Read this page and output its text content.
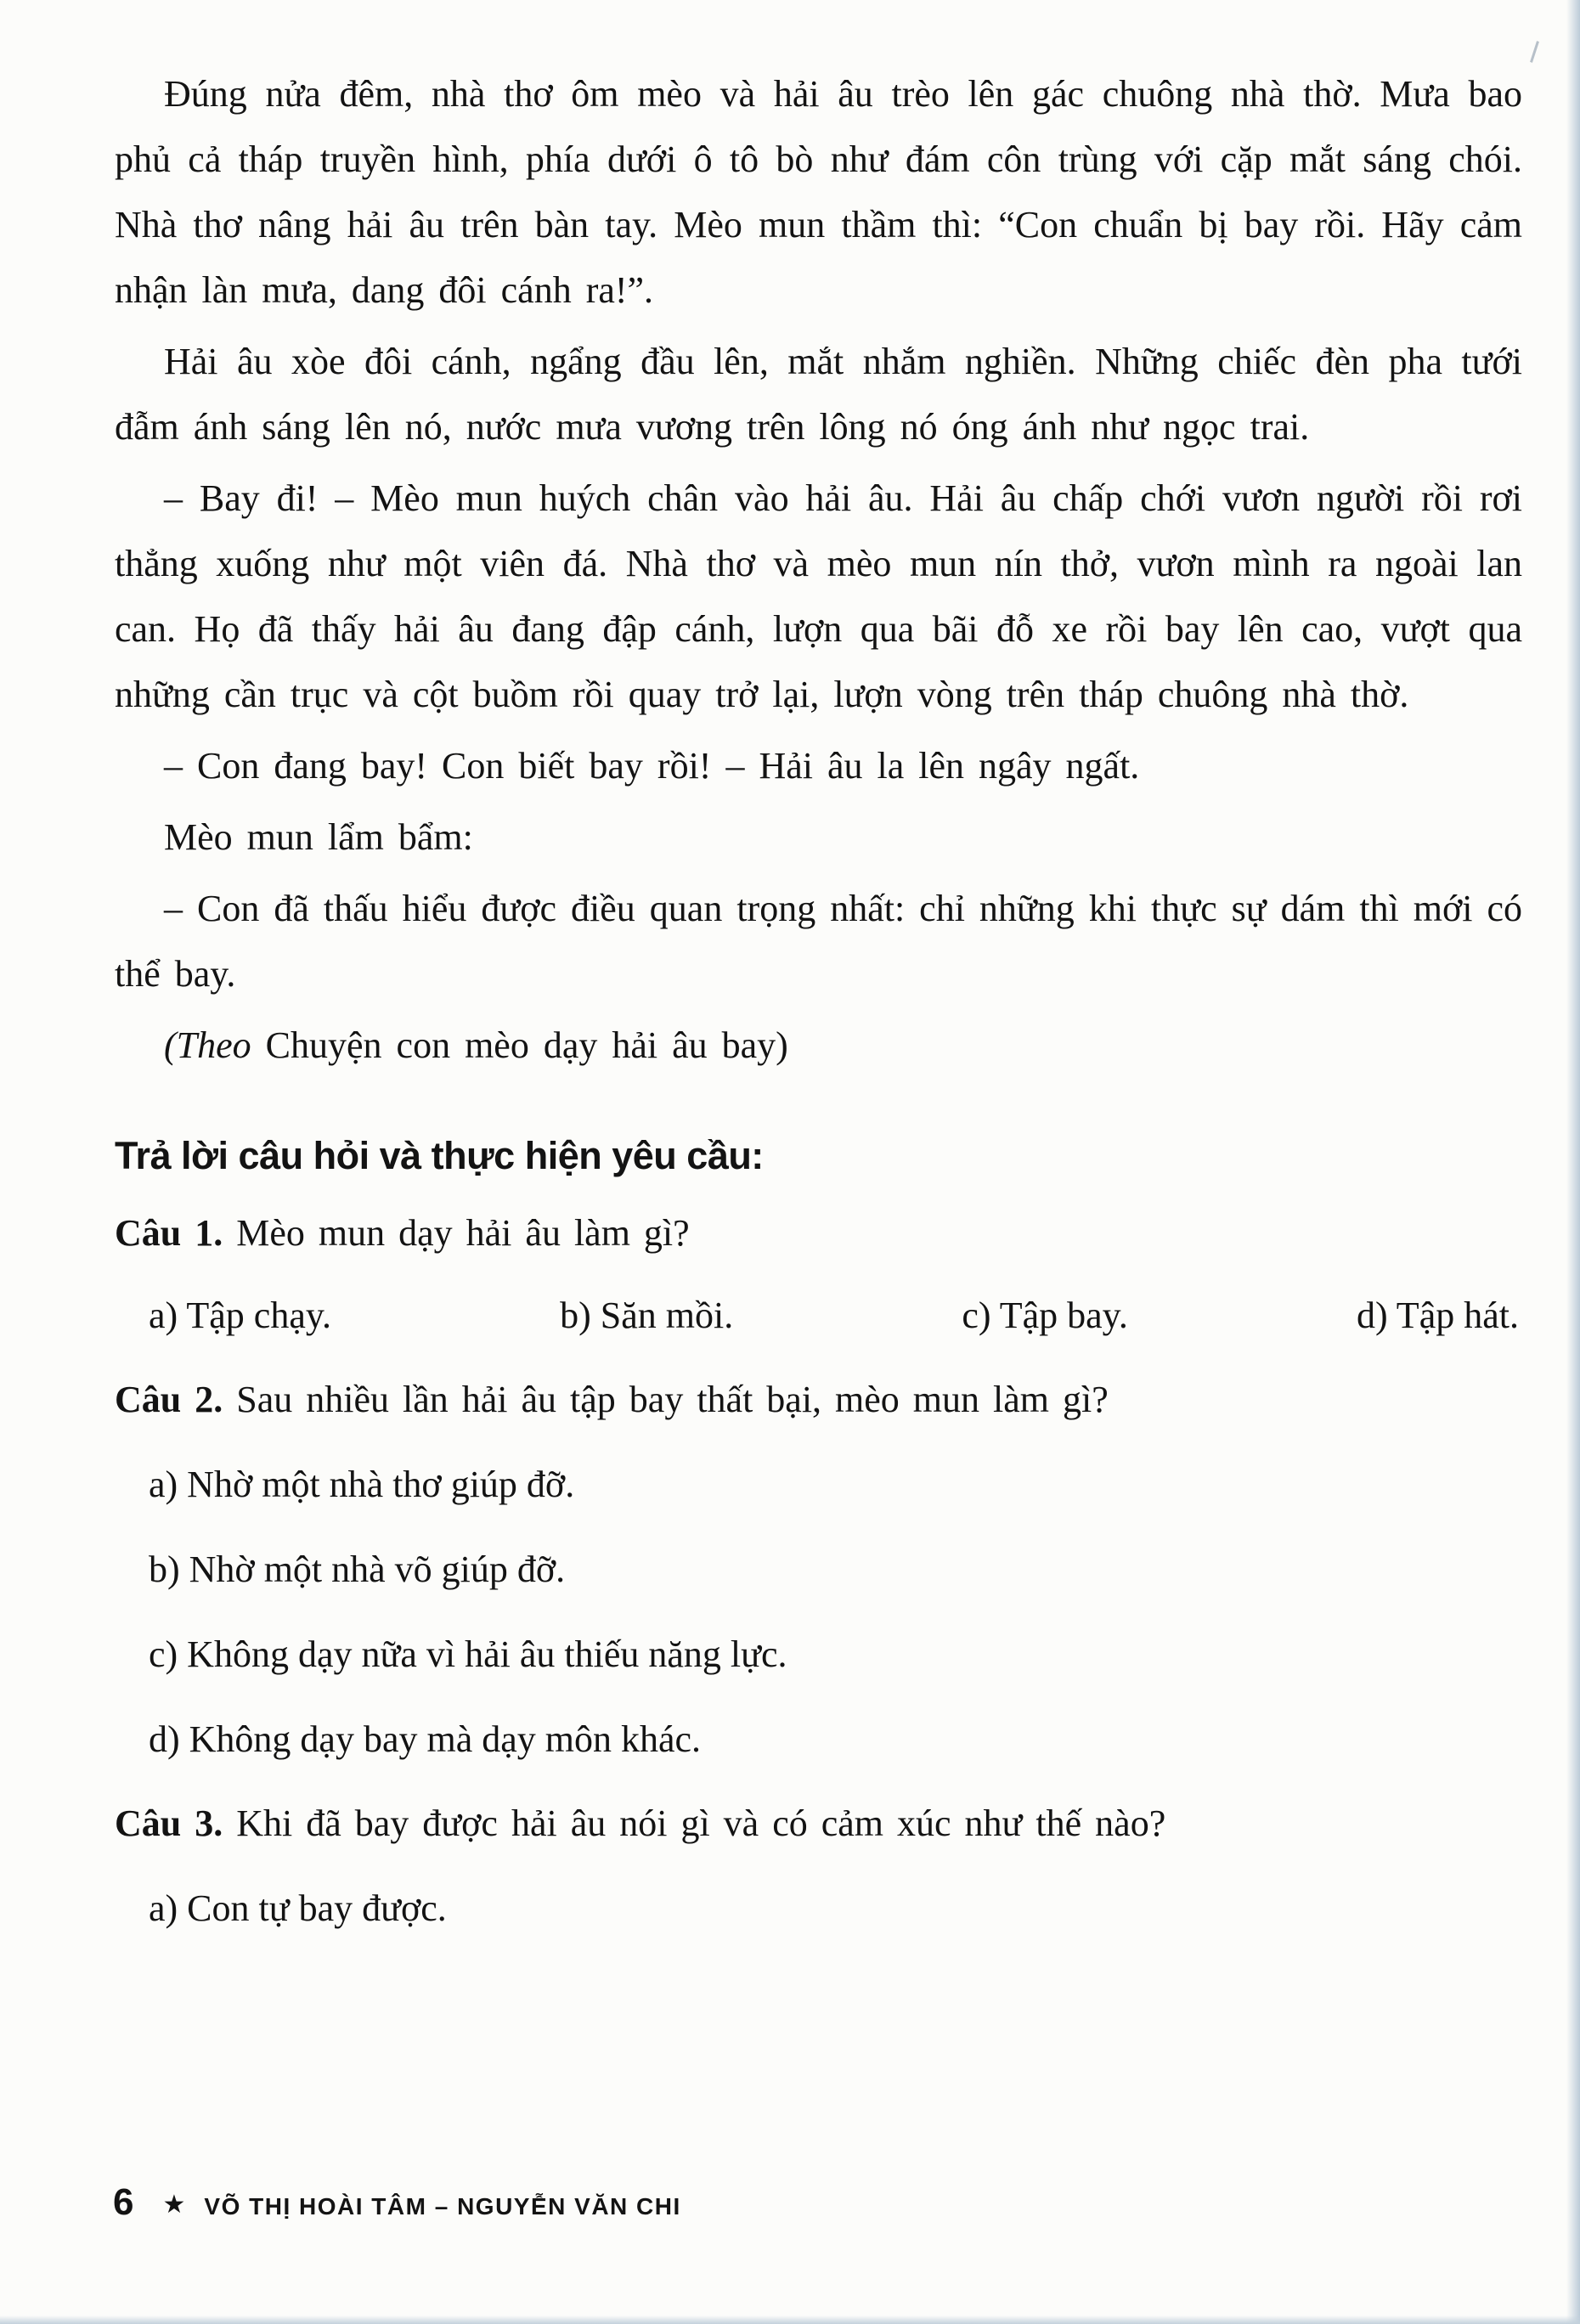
Đúng nửa đêm, nhà thơ ôm mèo và hải âu trèo lên gác chuông nhà thờ. Mưa bao phủ cả tháp truyền hình, phía dưới ô tô bò như đám côn trùng với cặp mắt sáng chói. Nhà thơ nâng hải âu trên bàn tay. Mèo mun thầm thì: “Con chuẩn bị bay rồi. Hãy cảm nhận làn mưa, dang đôi cánh ra!”.

Hải âu xòe đôi cánh, ngẩng đầu lên, mắt nhắm nghiền. Những chiếc đèn pha tưới đẫm ánh sáng lên nó, nước mưa vương trên lông nó óng ánh như ngọc trai.

– Bay đi! – Mèo mun huých chân vào hải âu. Hải âu chấp chới vươn người rồi rơi thẳng xuống như một viên đá. Nhà thơ và mèo mun nín thở, vươn mình ra ngoài lan can. Họ đã thấy hải âu đang đập cánh, lượn qua bãi đỗ xe rồi bay lên cao, vượt qua những cần trục và cột buồm rồi quay trở lại, lượn vòng trên tháp chuông nhà thờ.

– Con đang bay! Con biết bay rồi! – Hải âu la lên ngây ngất.

Mèo mun lẩm bẩm:

– Con đã thấu hiểu được điều quan trọng nhất: chỉ những khi thực sự dám thì mới có thể bay.

(Theo Chuyện con mèo dạy hải âu bay)

Trả lời câu hỏi và thực hiện yêu cầu:
Câu 1. Mèo mun dạy hải âu làm gì?
a) Tập chạy.	b) Săn mồi.	c) Tập bay.	d) Tập hát.
Câu 2. Sau nhiều lần hải âu tập bay thất bại, mèo mun làm gì?
a) Nhờ một nhà thơ giúp đỡ.
b) Nhờ một nhà võ giúp đỡ.
c) Không dạy nữa vì hải âu thiếu năng lực.
d) Không dạy bay mà dạy môn khác.
Câu 3. Khi đã bay được hải âu nói gì và có cảm xúc như thế nào?
a) Con tự bay được.
6 ★ VÕ THỊ HOÀI TÂM – NGUYỄN VĂN CHI
